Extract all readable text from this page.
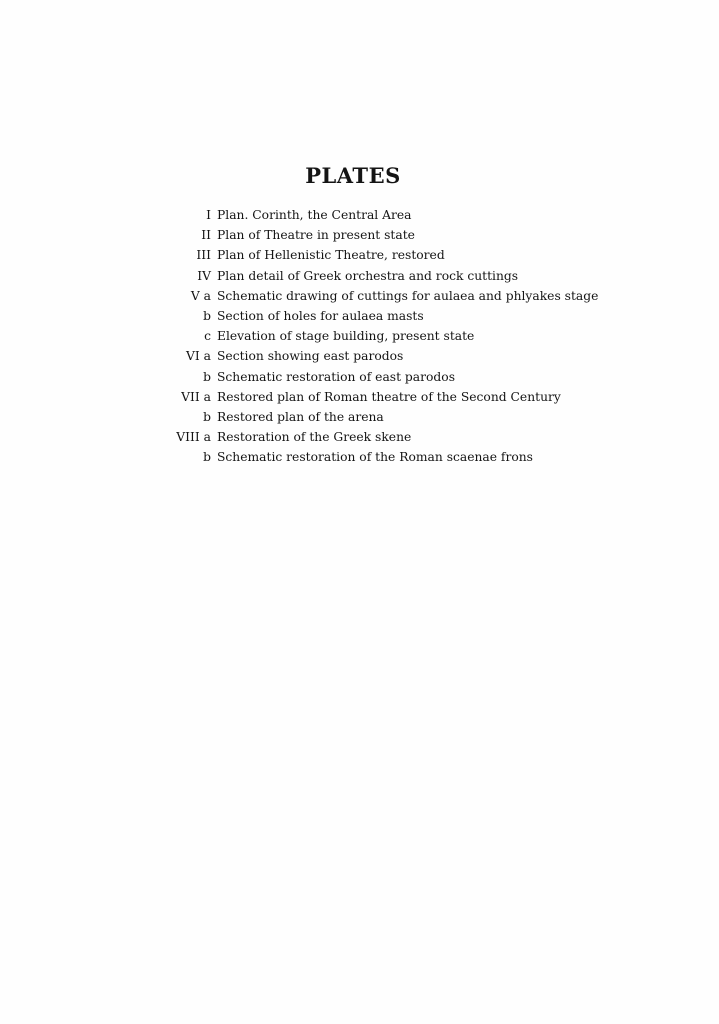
PLATES
I Plan. Corinth, the Central Area
II Plan of Theatre in present state
III Plan of Hellenistic Theatre, restored
IV Plan detail of Greek orchestra and rock cuttings
V a Schematic drawing of cuttings for aulaea and phlyakes stage
b Section of holes for aulaea masts
c Elevation of stage building, present state
VI a Section showing east parodos
b Schematic restoration of east parodos
VII a Restored plan of Roman theatre of the Second Century
b Restored plan of the arena
VIII a Restoration of the Greek skene
b Schematic restoration of the Roman scaenae frons
